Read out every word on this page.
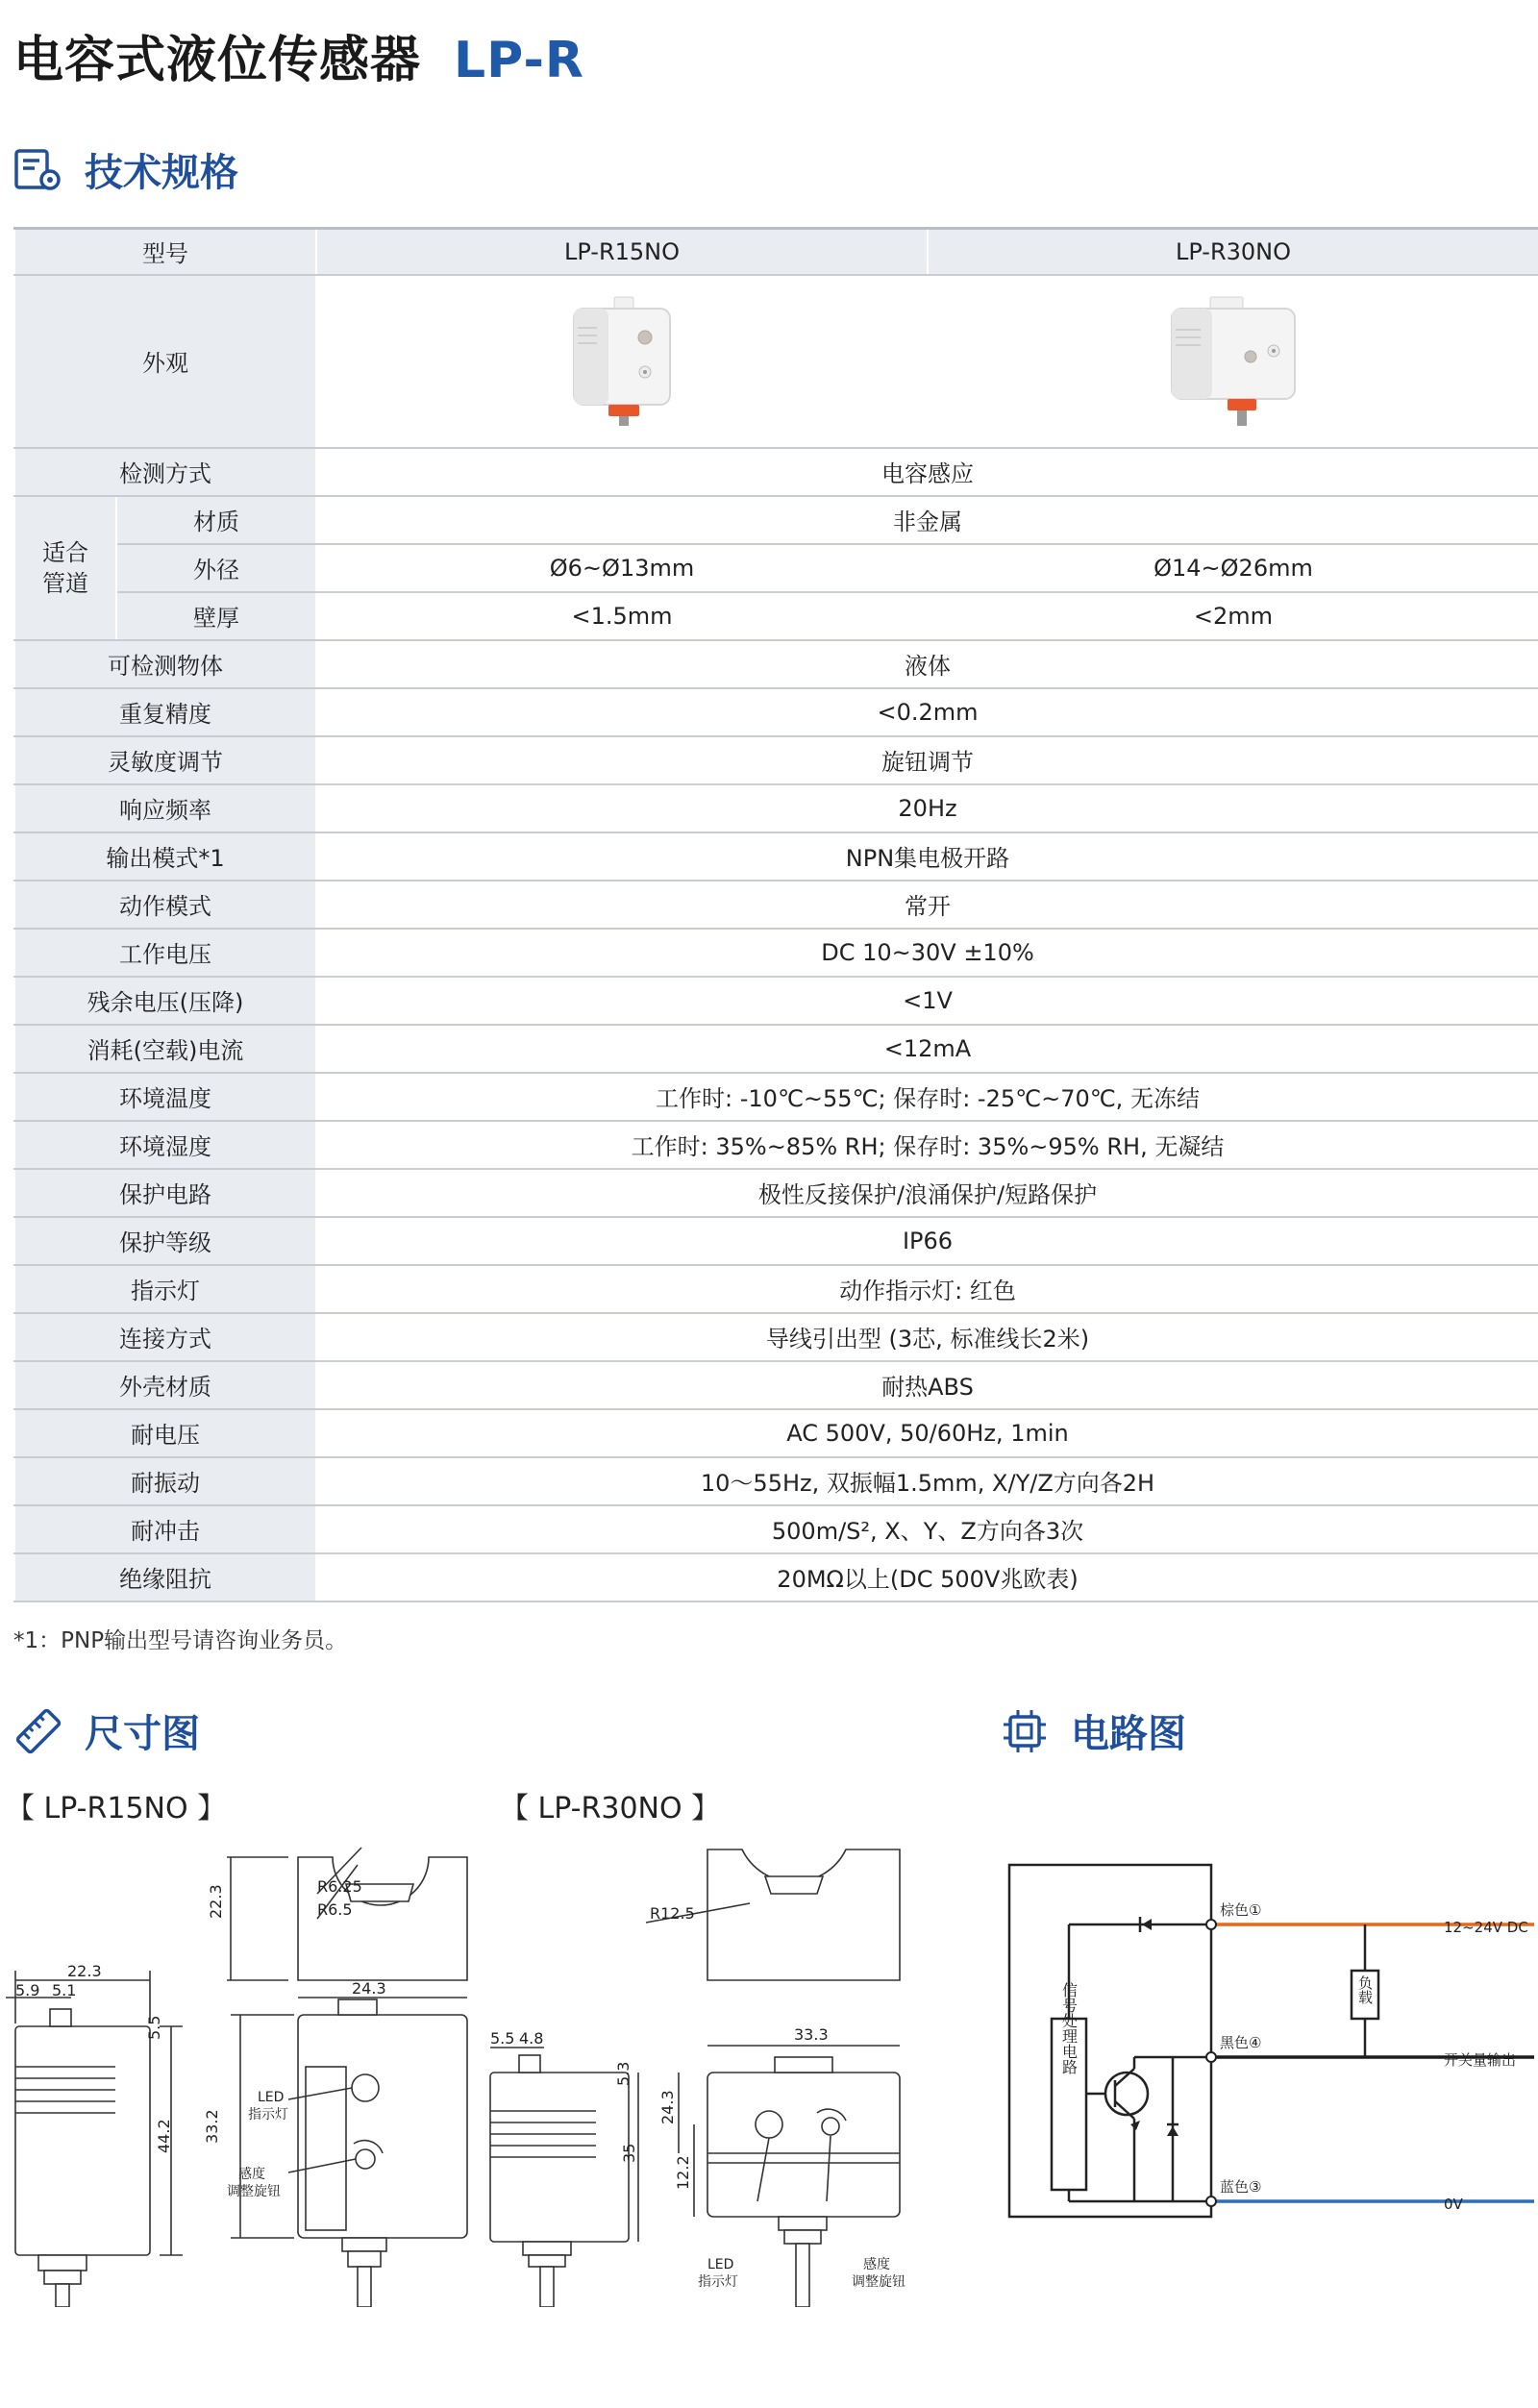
电容式液位传感器 LP-R
技术规格
型号		LP-R15NO	LP-R30NO
外观		
检测方式		电容感应	
适合
管道	材质	非金属	
	外径	Ø6~Ø13mm	Ø14~Ø26mm
	壁厚	<1.5mm	<2mm
可检测物体		液体	
重复精度		<0.2mm	
灵敏度调节		旋钮调节	
响应频率		20Hz	
输出模式*1		NPN集电极开路	
动作模式		常开	
工作电压		DC 10~30V ±10%	
残余电压(压降)		<1V	
消耗(空载)电流		<12mA	
环境温度		工作时: -10℃~55℃; 保存时: -25℃~70℃, 无冻结	
环境湿度		工作时: 35%~85% RH; 保存时: 35%~95% RH, 无凝结	
保护电路		极性反接保护/浪涌保护/短路保护	
保护等级		IP66	
指示灯		动作指示灯: 红色	
连接方式		导线引出型 (3芯, 标准线长2米)	
外壳材质		耐热ABS	
耐电压		AC 500V, 50/60Hz, 1min	
耐振动		10～55Hz, 双振幅1.5mm, X/Y/Z方向各2H	
耐冲击		500m/S², X、Y、Z方向各3次	
绝缘阻抗		20MΩ以上(DC 500V兆欧表)	
*1：PNP输出型号请咨询业务员。
尺寸图	电路图
【 LP-R15NO 】	【 LP-R30NO 】
R6.25
R6.5
22.3
24.3
22.3
5.9 5.1
5.5
44.2 33.2
LED
指示灯
感度
调整旋钮
R12.5
33.3
5.5 4.8
5.3
35
24.3
12.2
LED
指示灯
感度
调整旋钮
信号处理电路
棕色①
黑色④
蓝色③
负载
12~24V DC
开关量输出
0V
